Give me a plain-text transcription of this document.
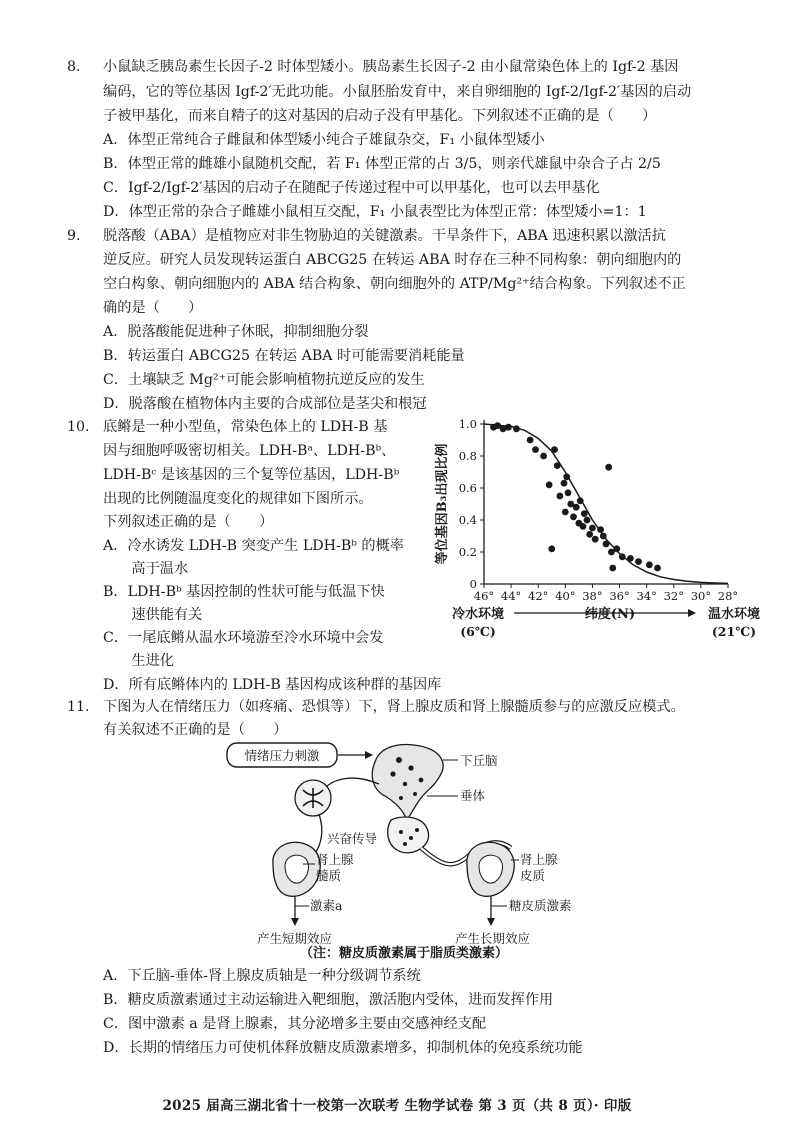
8. 小鼠缺乏胰岛素生长因子-2 时体型矮小。胰岛素生长因子-2 由小鼠常染色体上的 Igf-2 基因
编码，它的等位基因 Igf-2′无此功能。小鼠胚胎发育中，来自卵细胞的 Igf-2/Igf-2′基因的启动
子被甲基化，而来自精子的这对基因的启动子没有甲基化。下列叙述不正确的是（　　）
A．体型正常纯合子雌鼠和体型矮小纯合子雄鼠杂交，F₁ 小鼠体型矮小
B．体型正常的雌雄小鼠随机交配，若 F₁ 体型正常的占 3/5，则亲代雄鼠中杂合子占 2/5
C．Igf-2/Igf-2′基因的启动子在随配子传递过程中可以甲基化，也可以去甲基化
D．体型正常的杂合子雌雄小鼠相互交配，F₁ 小鼠表型比为体型正常：体型矮小=1：1
9. 脱落酸（ABA）是植物应对非生物胁迫的关键激素。干旱条件下，ABA 迅速积累以激活抗
逆反应。研究人员发现转运蛋白 ABCG25 在转运 ABA 时存在三种不同构象：朝向细胞内的
空白构象、朝向细胞内的 ABA 结合构象、朝向细胞外的 ATP/Mg²⁺结合构象。下列叙述不正
确的是（　　）
A．脱落酸能促进种子休眠，抑制细胞分裂
B．转运蛋白 ABCG25 在转运 ABA 时可能需要消耗能量
C．土壤缺乏 Mg²⁺可能会影响植物抗逆反应的发生
D．脱落酸在植物体内主要的合成部位是茎尖和根冠
10. 底鳉是一种小型鱼，常染色体上的 LDH-B 基
因与细胞呼吸密切相关。LDH-Bᵃ、LDH-Bᵇ、
LDH-Bᶜ 是该基因的三个复等位基因，LDH-Bᵇ
出现的比例随温度变化的规律如下图所示。
下列叙述正确的是（　　）
A．冷水诱发 LDH-B 突变产生 LDH-Bᵇ 的概率
　　高于温水
B．LDH-Bᵇ 基因控制的性状可能与低温下快
　　速供能有关
C．一尾底鳉从温水环境游至冷水环境中会发
　　生进化
D．所有底鳉体内的 LDH-B 基因构成该种群的基因库
0
0.2
0.4
0.6
0.8
1.0
46° 44° 42° 40° 38° 36° 34° 32° 30° 28°
等位基因B₃出现比例
纬度(N)
冷水环境
(6℃)
温水环境
(21℃)
11. 下图为人在情绪压力（如疼痛、恐惧等）下，肾上腺皮质和肾上腺髓质参与的应激反应模式。
有关叙述不正确的是（　　）
情绪压力刺激	下丘脑
垂体
兴奋传导
肾上腺
髓质
激素a
产生短期效应
肾上腺
皮质
糖皮质激素
产生长期效应
（注：糖皮质激素属于脂质类激素）
A．下丘脑-垂体-肾上腺皮质轴是一种分级调节系统
B．糖皮质激素通过主动运输进入靶细胞，激活胞内受体，进而发挥作用
C．图中激素 a 是肾上腺素，其分泌增多主要由交感神经支配
D．长期的情绪压力可使机体释放糖皮质激素增多，抑制机体的免疫系统功能
2025 届高三湖北省十一校第一次联考 生物学试卷 第 3 页（共 8 页）· 印版
